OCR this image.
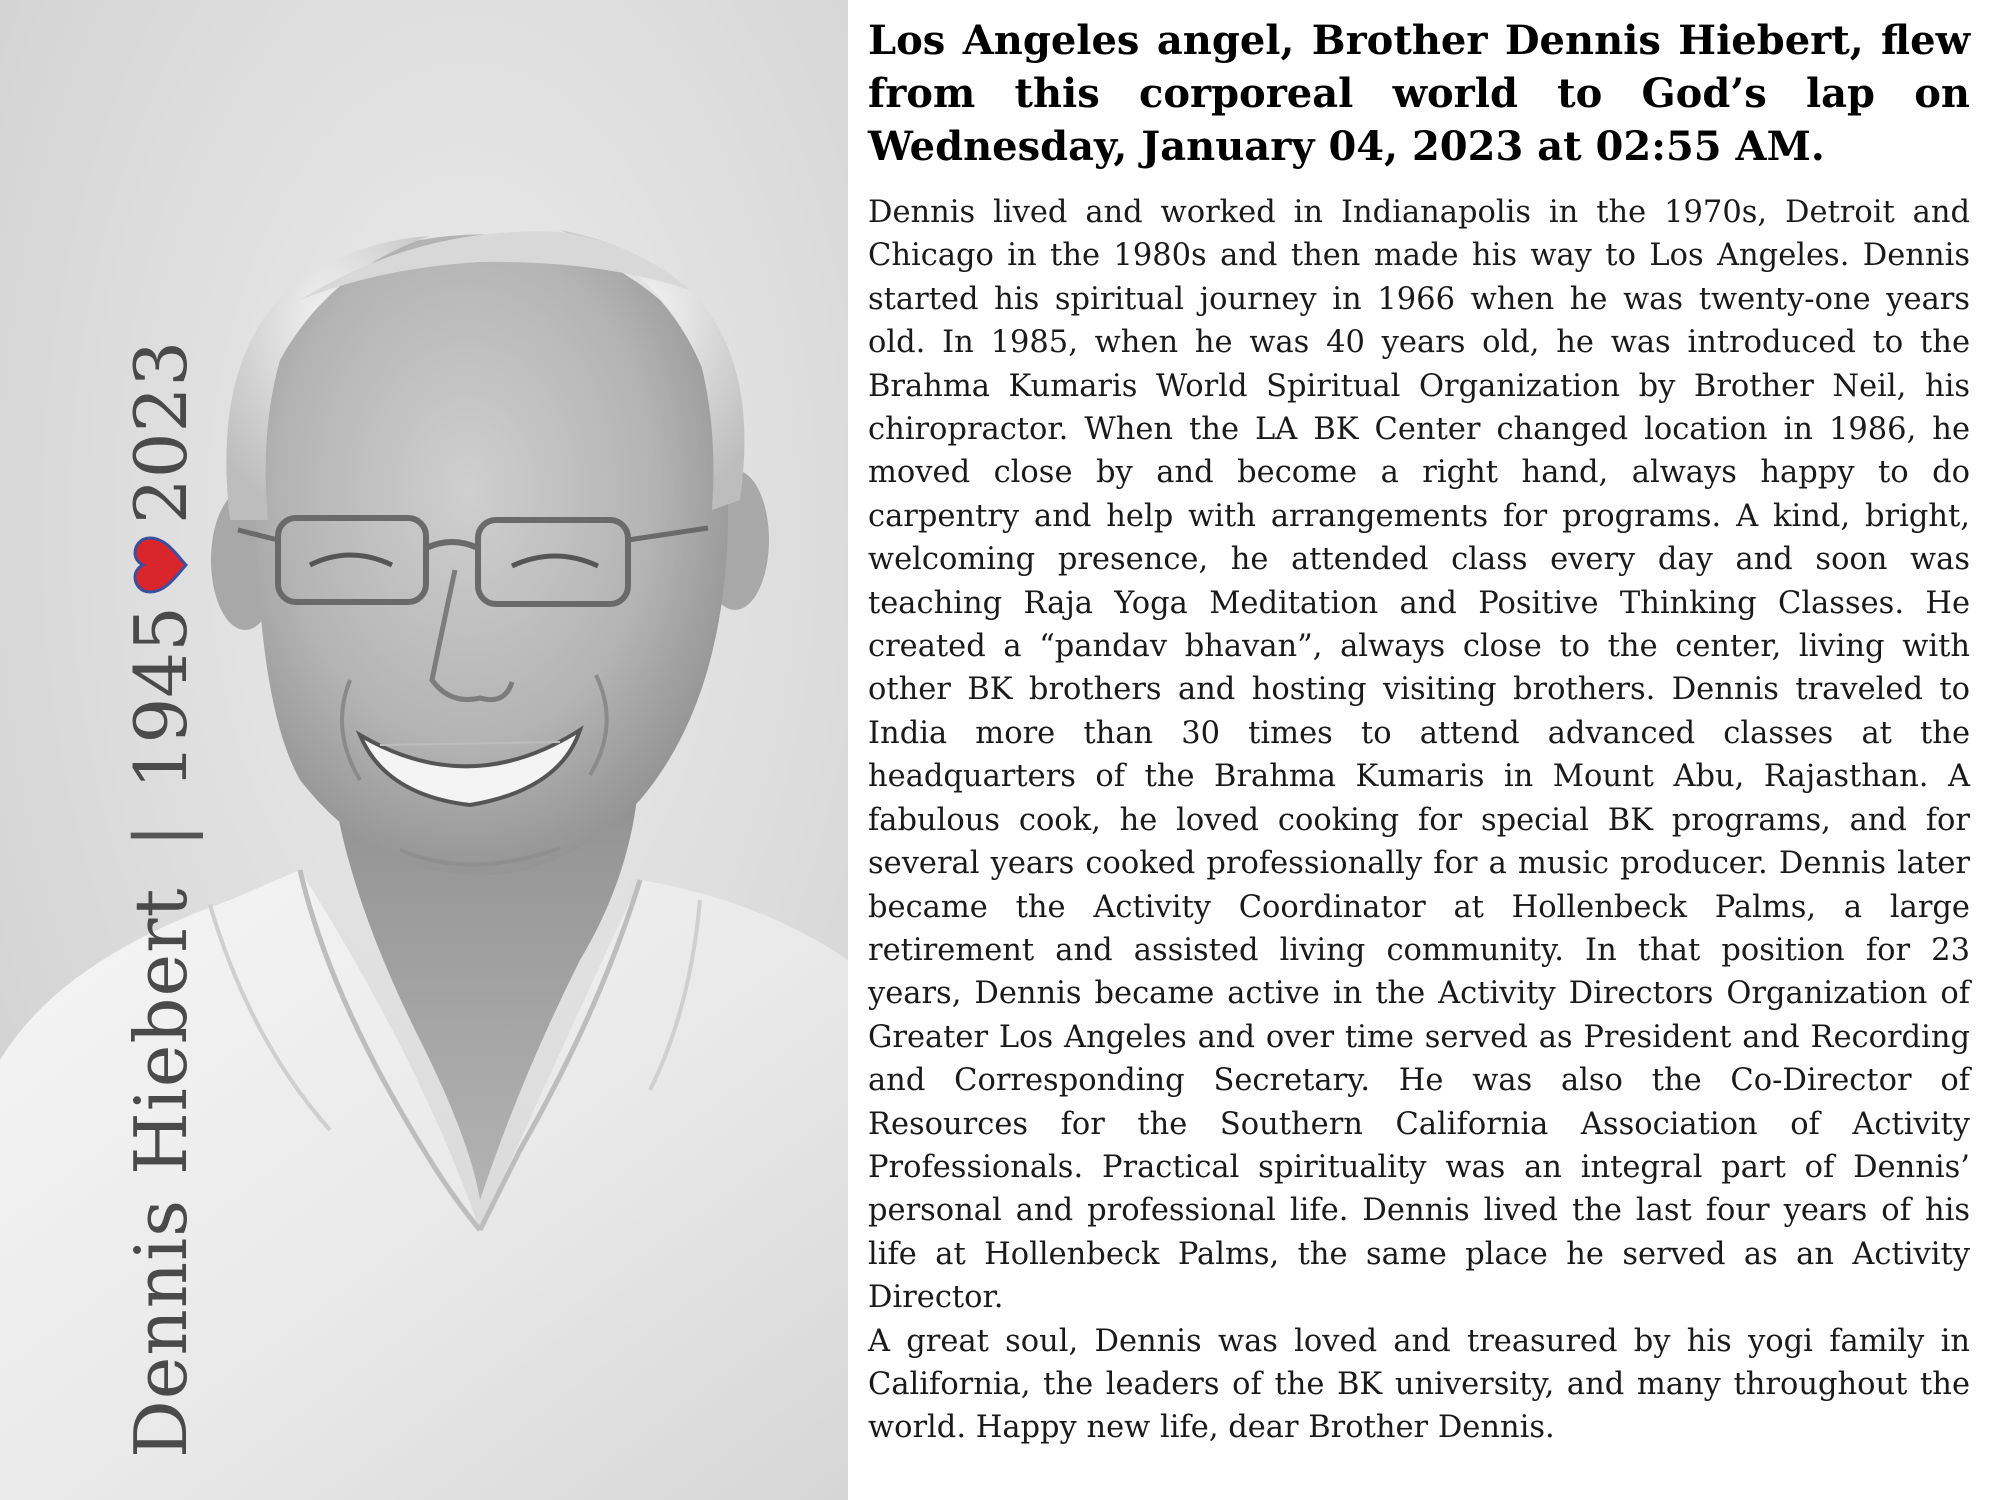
Dennis Hiebert
|
1945
2023
Los Angeles angel, Brother Dennis Hiebert, flew from this corporeal world to God’s lap on Wednesday, January 04, 2023 at 02:55 AM.

Dennis lived and worked in Indianapolis in the 1970s, Detroit and Chicago in the 1980s and then made his way to Los Angeles. Dennis started his spiritual journey in 1966 when he was twenty-one years old. In 1985, when he was 40 years old, he was introduced to the Brahma Kumaris World Spiritual Organization by Brother Neil, his chiropractor. When the LA BK Center changed location in 1986, he moved close by and become a right hand, always happy to do carpentry and help with arrangements for programs. A kind, bright, welcoming presence, he attended class every day and soon was teaching Raja Yoga Meditation and Positive Thinking Classes. He created a “pandav bhavan”, always close to the center, living with other BK brothers and hosting visiting brothers. Dennis traveled to India more than 30 times to attend advanced classes at the headquarters of the Brahma Kumaris in Mount Abu, Rajasthan. A fabulous cook, he loved cooking for special BK programs, and for several years cooked professionally for a music producer. Dennis later became the Activity Coordinator at Hollenbeck Palms, a large retirement and assisted living community. In that position for 23 years, Dennis became active in the Activity Directors Organization of Greater Los Angeles and over time served as President and Recording and Corresponding Secretary. He was also the Co-Director of Resources for the Southern California Association of Activity Professionals. Practical spirituality was an integral part of Dennis’ personal and professional life. Dennis lived the last four years of his life at Hollenbeck Palms, the same place he served as an Activity Director.

A great soul, Dennis was loved and treasured by his yogi family in California, the leaders of the BK university, and many throughout the world. Happy new life, dear Brother Dennis.
